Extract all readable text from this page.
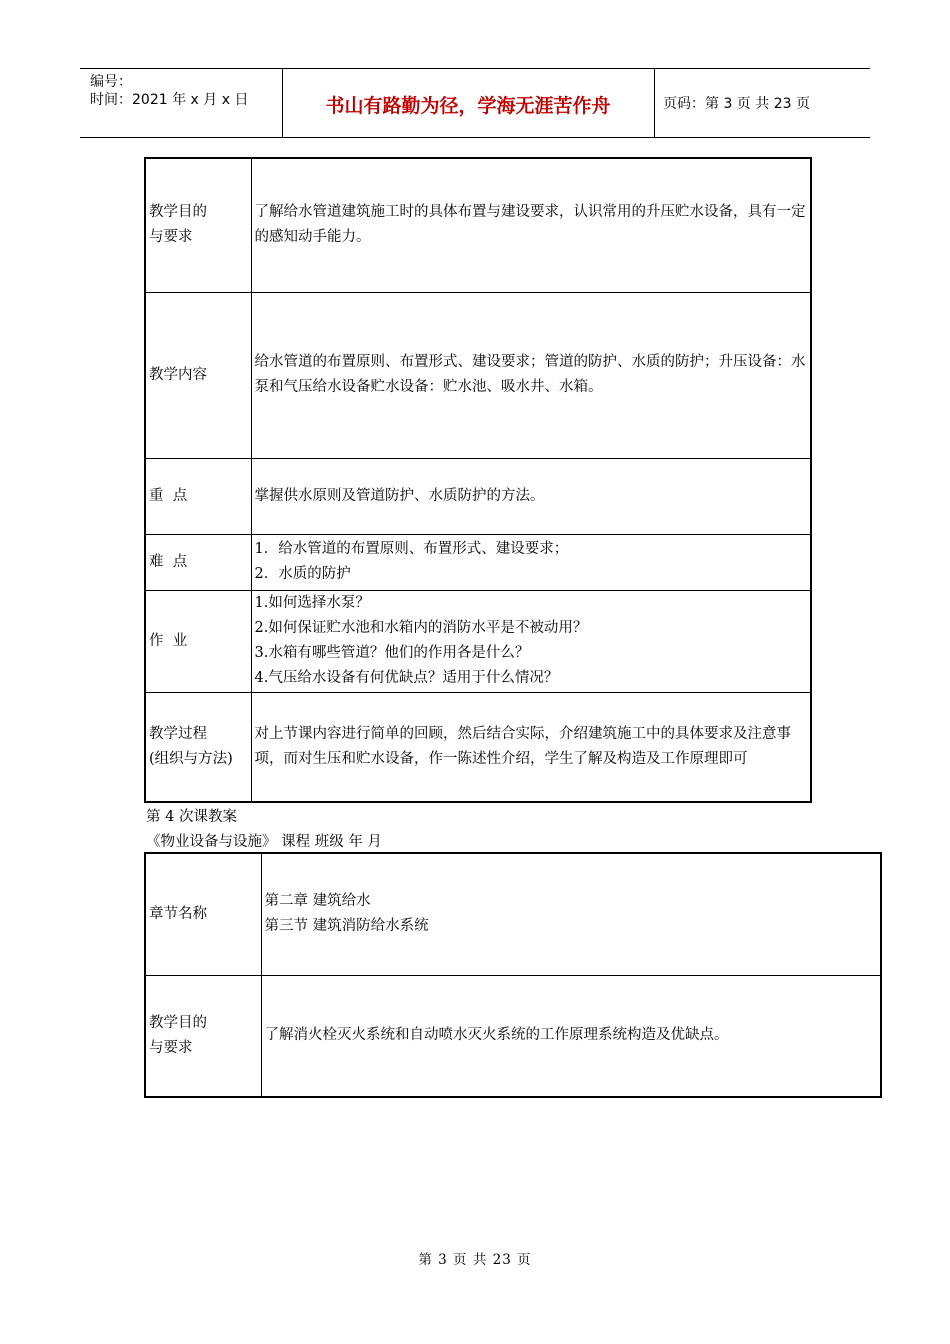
编号：
时间：2021 年 x 月 x 日	书山有路勤为径，学海无涯苦作舟	页码：第 3 页 共 23 页
教学目的
与要求	了解给水管道建筑施工时的具体布置与建设要求，认识常用的升压贮水设备，具有一定的感知动手能力。
教学内容	给水管道的布置原则、布置形式、建设要求；管道的防护、水质的防护；升压设备：水泵和气压给水设备贮水设备：贮水池、吸水井、水箱。
重  点	掌握供水原则及管道防护、水质防护的方法。
难  点	1．给水管道的布置原则、布置形式、建设要求；
2．水质的防护
作  业	1.如何选择水泵？
2.如何保证贮水池和水箱内的消防水平是不被动用？
3.水箱有哪些管道？他们的作用各是什么？
4.气压给水设备有何优缺点？适用于什么情况？
教学过程
(组织与方法)	对上节课内容进行简单的回顾，然后结合实际，介绍建筑施工中的具体要求及注意事项，而对生压和贮水设备，作一陈述性介绍，学生了解及构造及工作原理即可
第 4 次课教案
《物业设备与设施》 课程 班级 年 月
章节名称	第二章 建筑给水
第三节 建筑消防给水系统
教学目的
与要求	了解消火栓灭火系统和自动喷水灭火系统的工作原理系统构造及优缺点。
第 3 页 共 23 页
